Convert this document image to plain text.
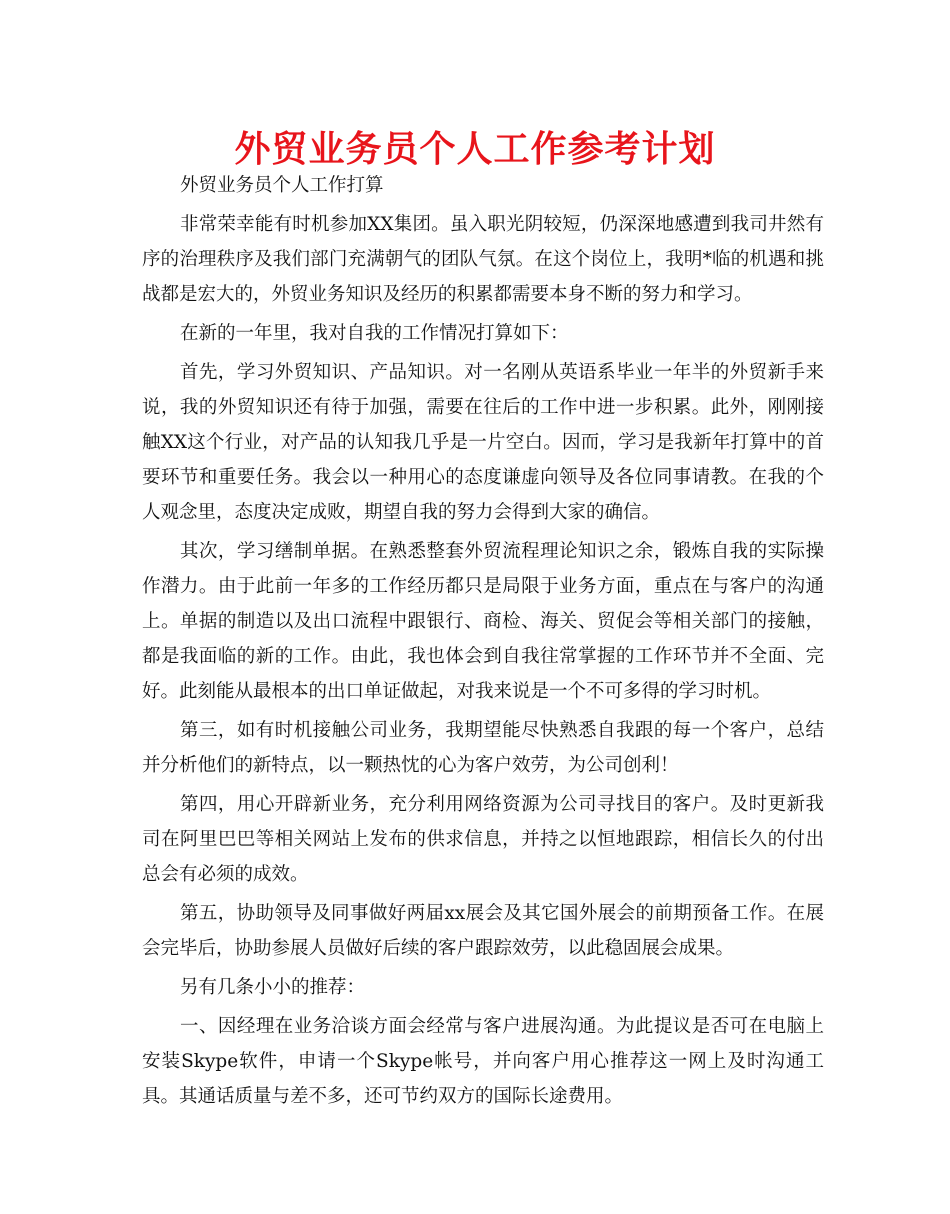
外贸业务员个人工作参考计划

外贸业务员个人工作打算

非常荣幸能有时机参加XX集团。虽入职光阴较短，仍深深地感遭到我司井然有序的治理秩序及我们部门充满朝气的团队气氛。在这个岗位上，我明*临的机遇和挑战都是宏大的，外贸业务知识及经历的积累都需要本身不断的努力和学习。

在新的一年里，我对自我的工作情况打算如下：

首先，学习外贸知识、产品知识。对一名刚从英语系毕业一年半的外贸新手来说，我的外贸知识还有待于加强，需要在往后的工作中进一步积累。此外，刚刚接触XX这个行业，对产品的认知我几乎是一片空白。因而，学习是我新年打算中的首要环节和重要任务。我会以一种用心的态度谦虚向领导及各位同事请教。在我的个人观念里，态度决定成败，期望自我的努力会得到大家的确信。

其次，学习缮制单据。在熟悉整套外贸流程理论知识之余，锻炼自我的实际操作潜力。由于此前一年多的工作经历都只是局限于业务方面，重点在与客户的沟通上。单据的制造以及出口流程中跟银行、商检、海关、贸促会等相关部门的接触，都是我面临的新的工作。由此，我也体会到自我往常掌握的工作环节并不全面、完好。此刻能从最根本的出口单证做起，对我来说是一个不可多得的学习时机。

第三，如有时机接触公司业务，我期望能尽快熟悉自我跟的每一个客户，总结并分析他们的新特点，以一颗热忱的心为客户效劳，为公司创利！

第四，用心开辟新业务，充分利用网络资源为公司寻找目的客户。及时更新我司在阿里巴巴等相关网站上发布的供求信息，并持之以恒地跟踪，相信长久的付出总会有必须的成效。

第五，协助领导及同事做好两届xx展会及其它国外展会的前期预备工作。在展会完毕后，协助参展人员做好后续的客户跟踪效劳，以此稳固展会成果。

另有几条小小的推荐：

一、因经理在业务洽谈方面会经常与客户进展沟通。为此提议是否可在电脑上安装Skype软件，申请一个Skype帐号，并向客户用心推荐这一网上及时沟通工具。其通话质量与差不多，还可节约双方的国际长途费用。
